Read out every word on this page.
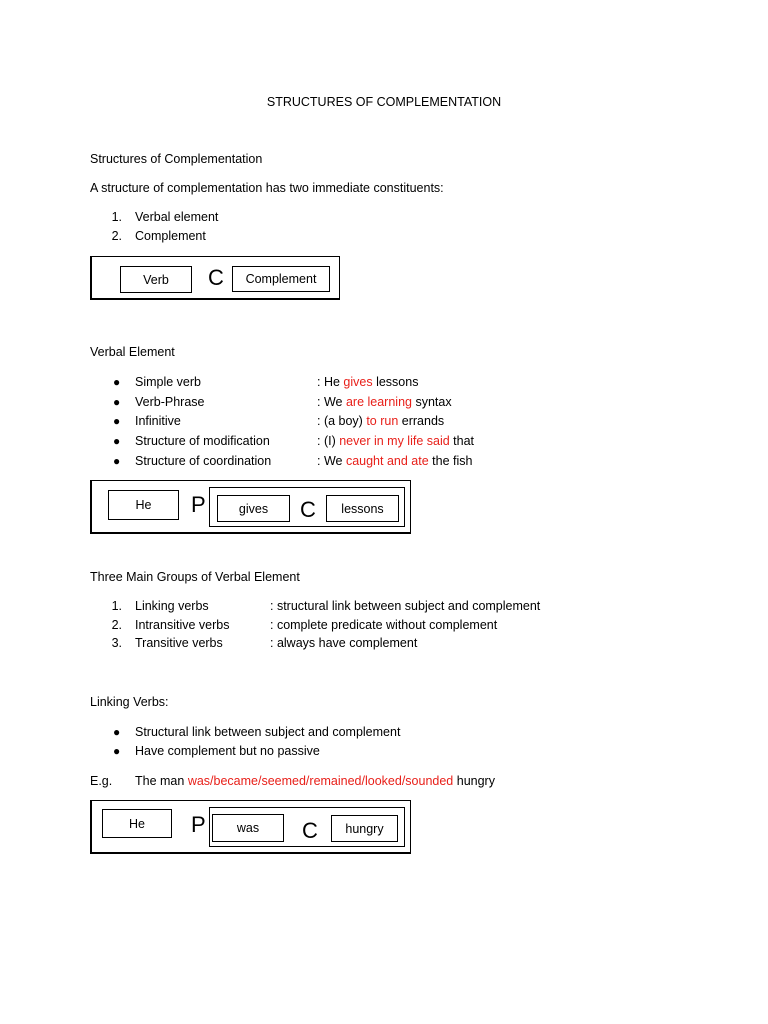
STRUCTURES OF COMPLEMENTATION
Structures of Complementation
A structure of complementation has two immediate constituents:
1. Verbal element
2. Complement
Verb	C	Complement
Verbal Element
● Simple verb	: He gives lessons
● Verb-Phrase	: We are learning syntax
● Infinitive	: (a boy) to run errands
● Structure of modification	: (I) never in my life said that
● Structure of coordination	: We caught and ate the fish
He	P	gives	C	lessons
Three Main Groups of Verbal Element
1. Linking verbs	: structural link between subject and complement
2. Intransitive verbs	: complete predicate without complement
3. Transitive verbs	: always have complement
Linking Verbs:
● Structural link between subject and complement
● Have complement but no passive
E.g. The man was/became/seemed/remained/looked/sounded hungry
He	P	was	C	hungry
